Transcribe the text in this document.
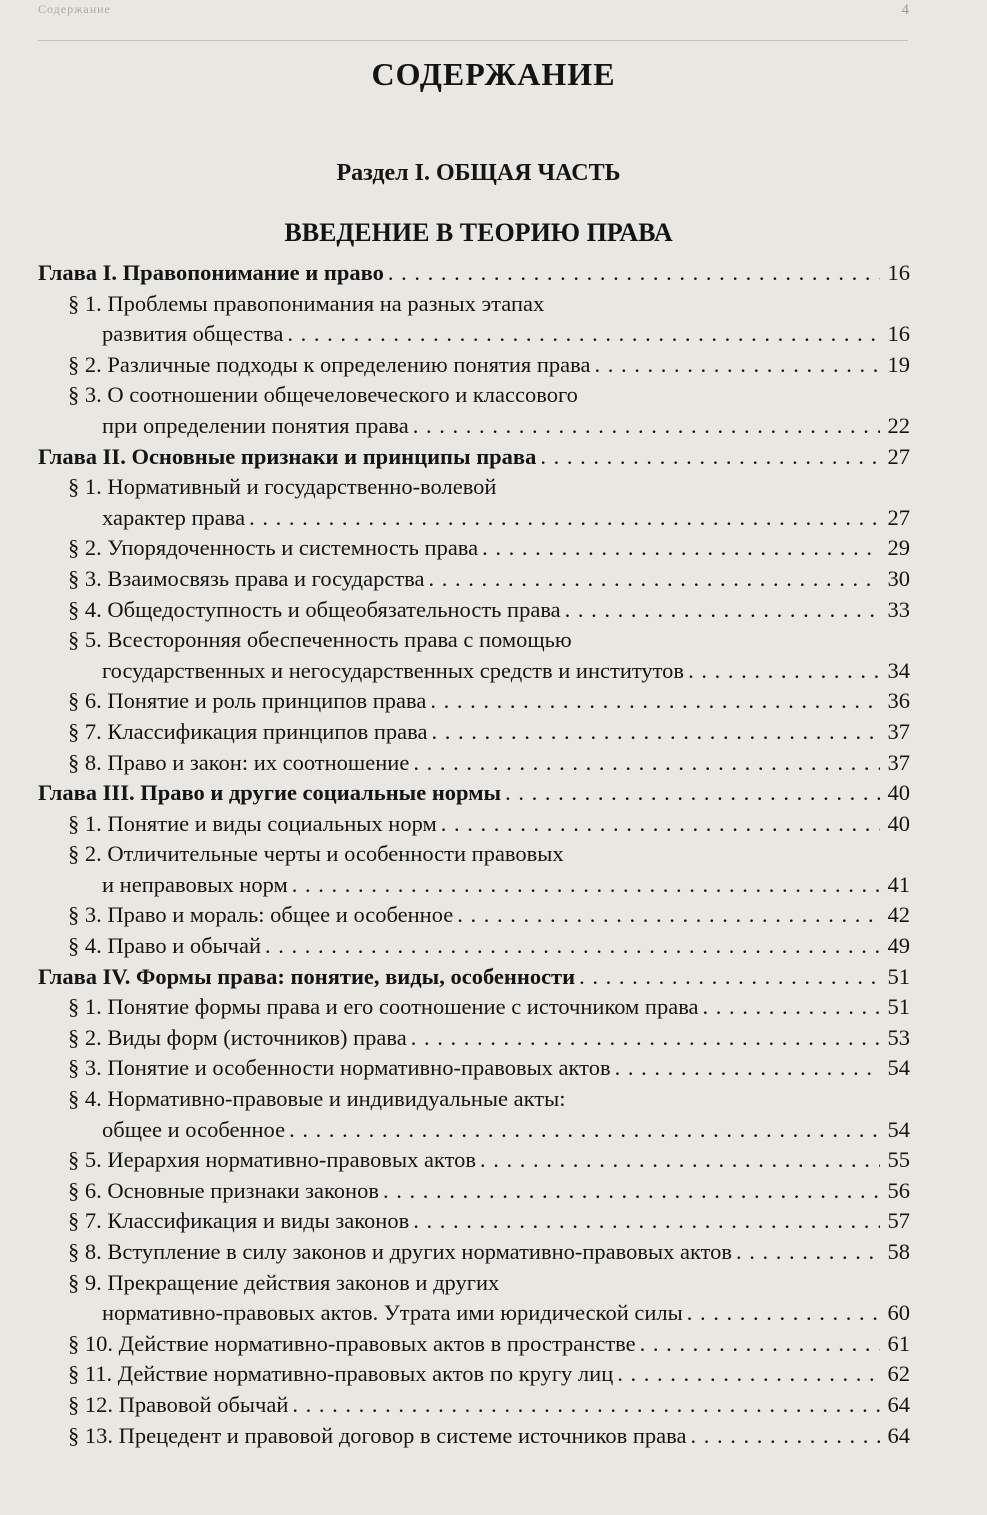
Содержание	4
СОДЕРЖАНИЕ
Раздел I. ОБЩАЯ ЧАСТЬ
ВВЕДЕНИЕ В ТЕОРИЮ ПРАВА
Глава I. Правопонимание и право . . .	16
§ 1. Проблемы правопонимания на разных этапах
развития общества . . .	16
§ 2. Различные подходы к определению понятия права . . .	19
§ 3. О соотношении общечеловеческого и классового
при определении понятия права . . .	22
Глава II. Основные признаки и принципы права . . .	27
§ 1. Нормативный и государственно-волевой
характер права . . .	27
§ 2. Упорядоченность и системность права . . .	29
§ 3. Взаимосвязь права и государства . . .	30
§ 4. Общедоступность и общеобязательность права . . .	33
§ 5. Всесторонняя обеспеченность права с помощью
государственных и негосударственных средств и институтов . . .	34
§ 6. Понятие и роль принципов права . . .	36
§ 7. Классификация принципов права . . .	37
§ 8. Право и закон: их соотношение . . .	37
Глава III. Право и другие социальные нормы . . .	40
§ 1. Понятие и виды социальных норм . . .	40
§ 2. Отличительные черты и особенности правовых
и неправовых норм . . .	41
§ 3. Право и мораль: общее и особенное . . .	42
§ 4. Право и обычай . . .	49
Глава IV. Формы права: понятие, виды, особенности . . .	51
§ 1. Понятие формы права и его соотношение с источником права . . .	51
§ 2. Виды форм (источников) права . . .	53
§ 3. Понятие и особенности нормативно-правовых актов . . .	54
§ 4. Нормативно-правовые и индивидуальные акты:
общее и особенное . . .	54
§ 5. Иерархия нормативно-правовых актов . . .	55
§ 6. Основные признаки законов . . .	56
§ 7. Классификация и виды законов . . .	57
§ 8. Вступление в силу законов и других нормативно-правовых актов . . .	58
§ 9. Прекращение действия законов и других
нормативно-правовых актов. Утрата ими юридической силы . . .	60
§ 10. Действие нормативно-правовых актов в пространстве . . .	61
§ 11. Действие нормативно-правовых актов по кругу лиц . . .	62
§ 12. Правовой обычай . . .	64
§ 13. Прецедент и правовой договор в системе источников права . . .	64
